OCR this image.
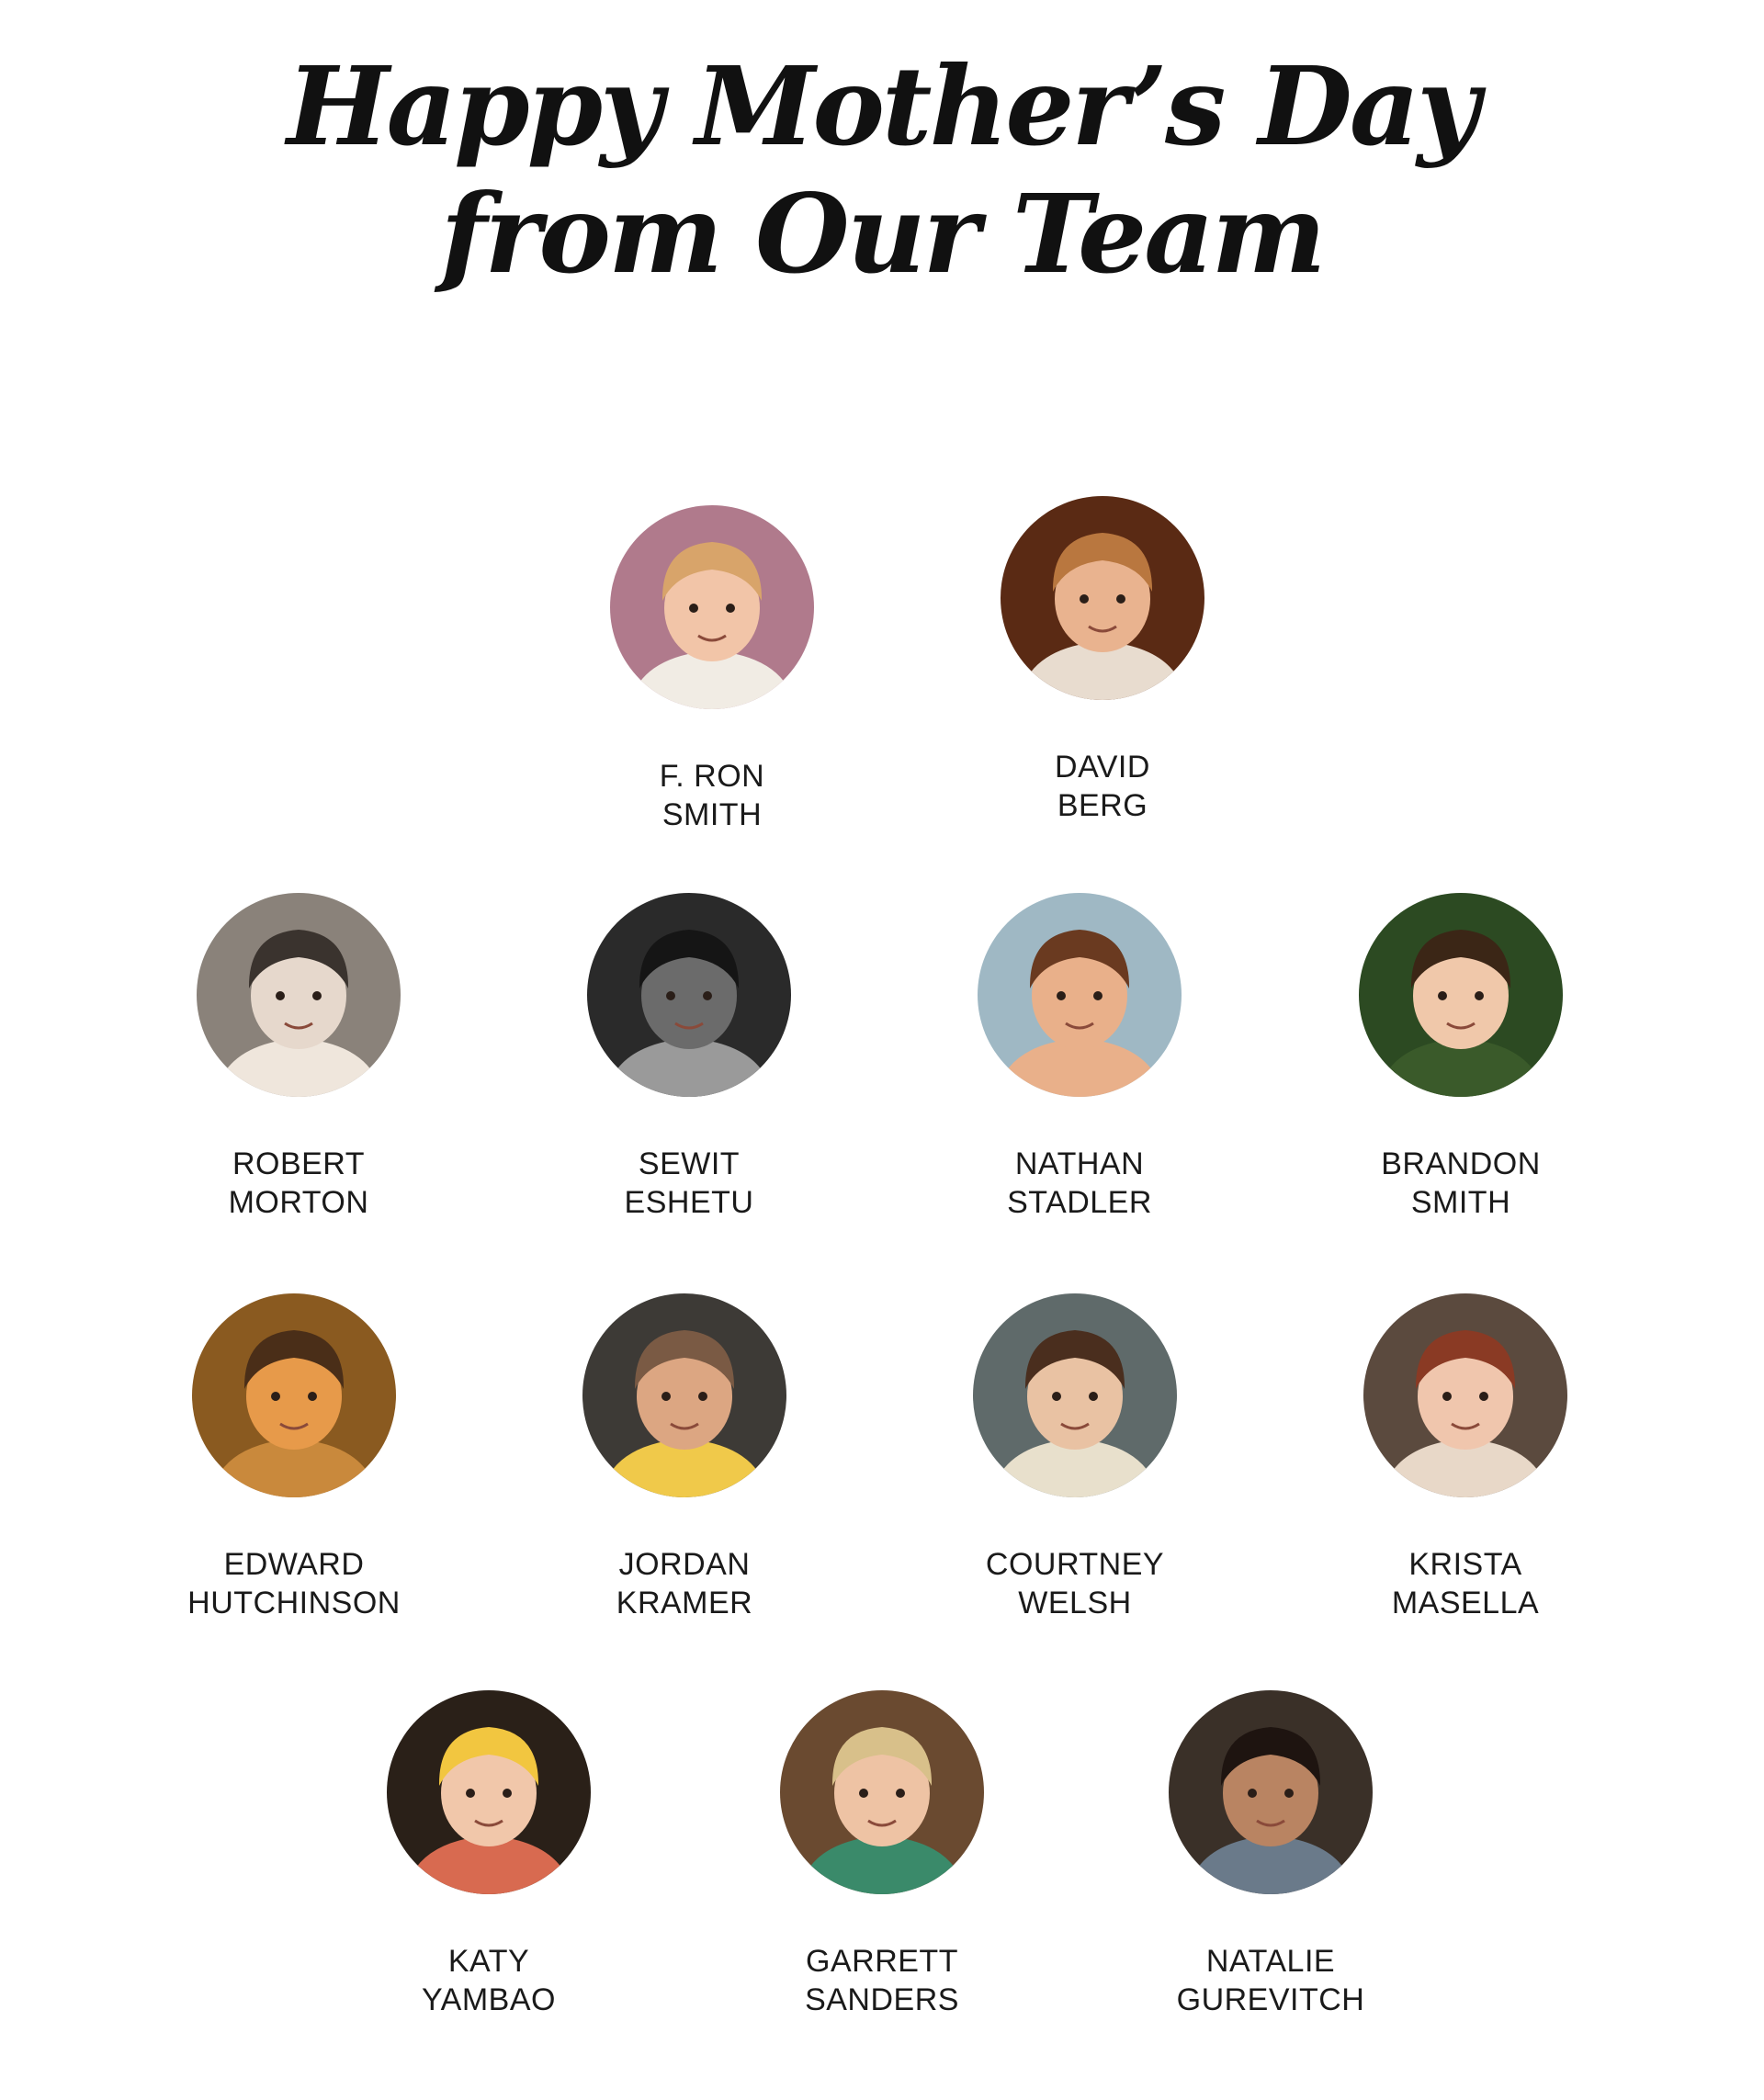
Happy Mother’s Day
from Our Team
F. RON
SMITH
DAVID
BERG
ROBERT
MORTON
SEWIT
ESHETU
NATHAN
STADLER
BRANDON
SMITH
EDWARD
HUTCHINSON
JORDAN
KRAMER
COURTNEY
WELSH
KRISTA
MASELLA
KATY
YAMBAO
GARRETT
SANDERS
NATALIE
GUREVITCH
